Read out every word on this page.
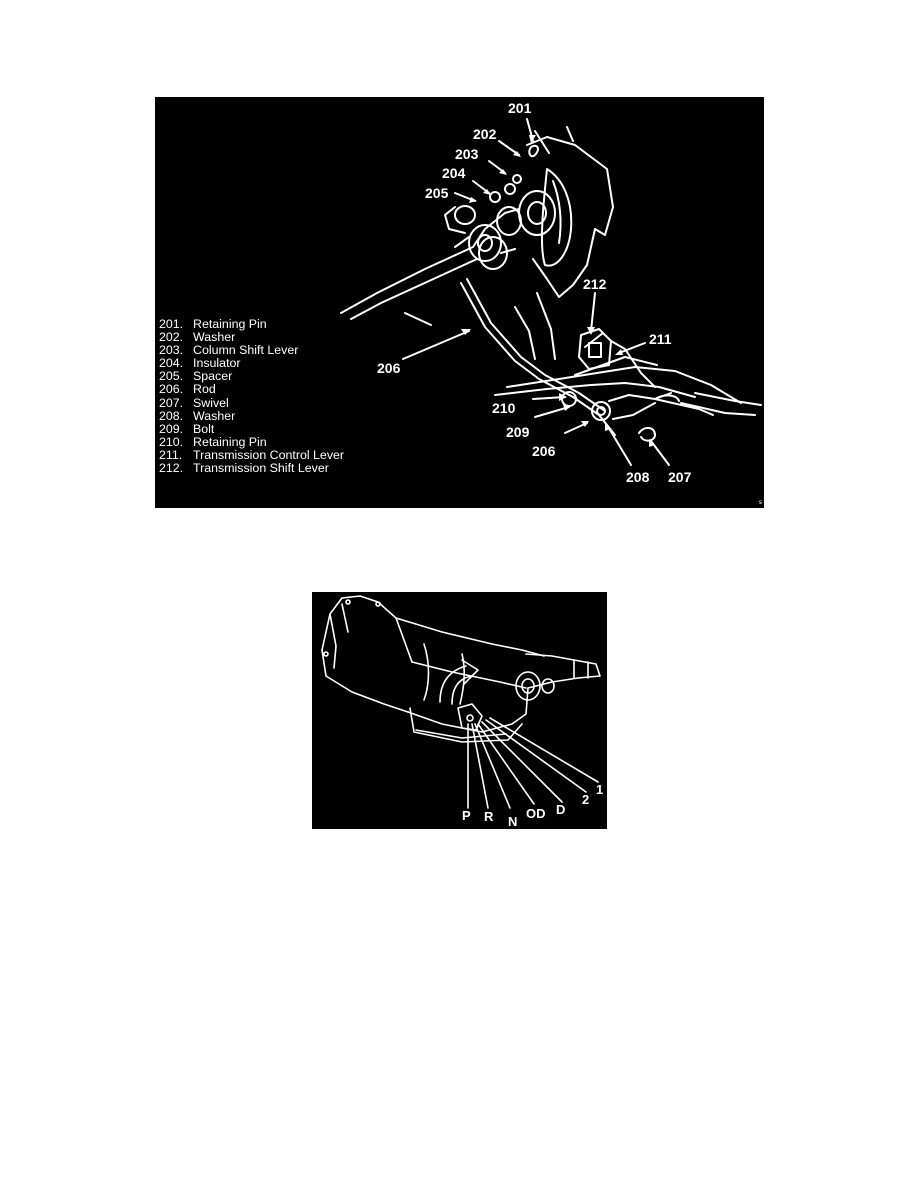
201
202
203
204
205
206
212
211
210
209
206
208 207
201. Retaining Pin
202. Washer
203. Column Shift Lever
204. Insulator
205. Spacer
206. Rod
207. Swivel
208. Washer
209. Bolt
210. Retaining Pin
211. Transmission Control Lever
212. Transmission Shift Lever
s
P R N
OD D
2
1
